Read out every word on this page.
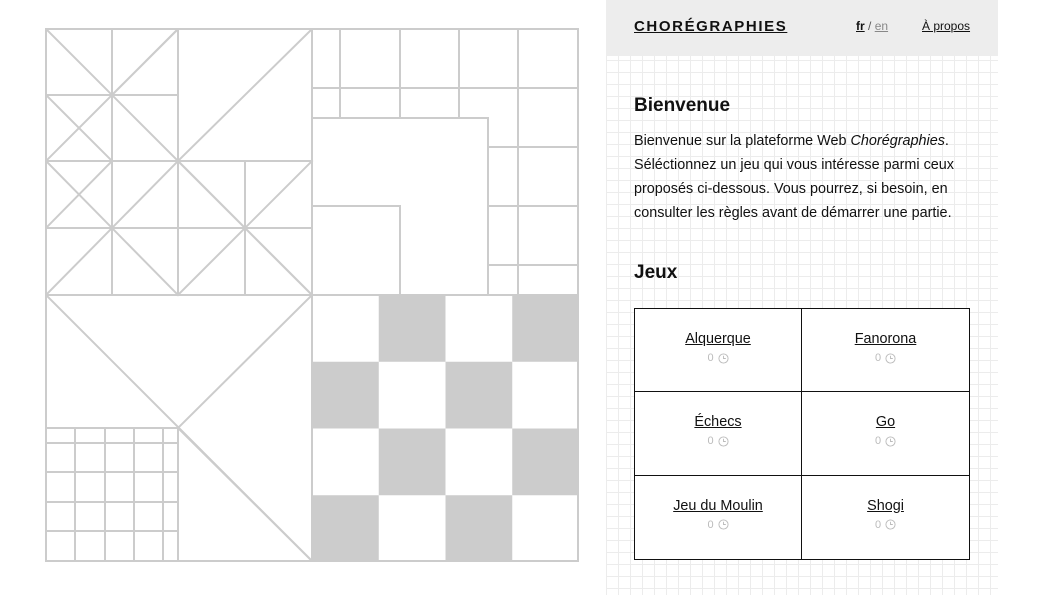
CHORÉGRAPHIES	fr / en	À propos
Bienvenue

Bienvenue sur la plateforme Web Chorégraphies. Séléctionnez un jeu qui vous intéresse parmi ceux proposés ci-dessous. Vous pourrez, si besoin, en consulter les règles avant de démarrer une partie.

Jeux
Alquerque
0
Fanorona
0
Échecs
0
Go
0
Jeu du Moulin
0
Shogi
0
